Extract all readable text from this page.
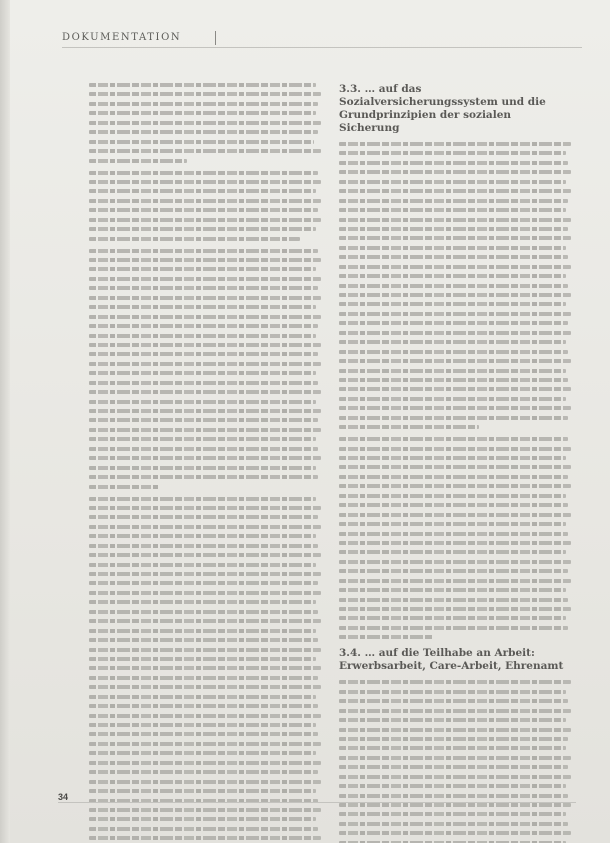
DOKUMENTATION
3.3. … auf das Sozialversicherungssystem und die Grundprinzipien der sozialen Sicherung
3.4. … auf die Teilhabe an Arbeit: Erwerbsarbeit, Care-Arbeit, Ehrenamt
34
